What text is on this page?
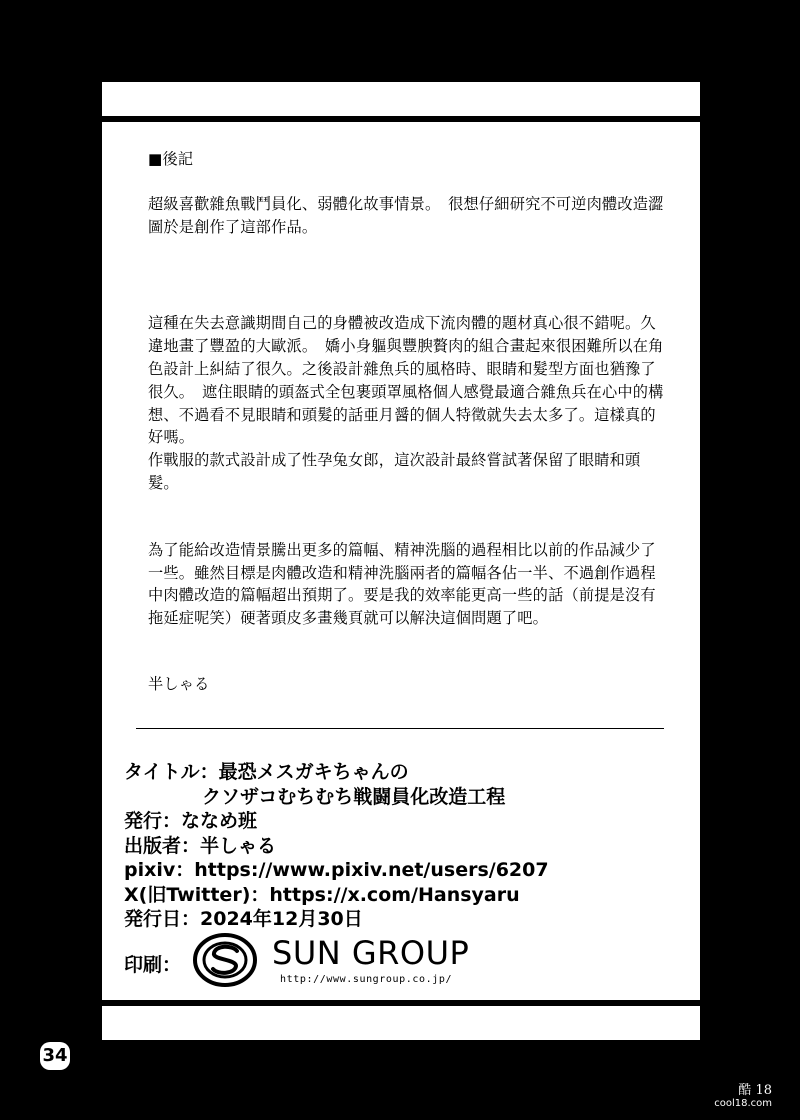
■後記

超級喜歡雜魚戰鬥員化、弱體化故事情景。　很想仔細研究不可逆肉體改造澀圖於是創作了這部作品。

這種在失去意識期間自己的身體被改造成下流肉體的題材真心很不錯呢。久違地畫了豐盈的大歐派。　嬌小身軀與豐腴贅肉的組合畫起來很困難所以在角色設計上糾結了很久。之後設計雜魚兵的風格時、眼睛和髮型方面也猶豫了很久。　遮住眼睛的頭盔式全包裹頭罩風格個人感覺最適合雜魚兵在心中的構想、不過看不見眼睛和頭髮的話亜月醤的個人特徵就失去太多了。這樣真的好嗎。
作戰服的款式設計成了性孕兔女郎，這次設計最終嘗試著保留了眼睛和頭髮。

為了能給改造情景騰出更多的篇幅、精神洗腦的過程相比以前的作品減少了一些。雖然目標是肉體改造和精神洗腦兩者的篇幅各佔一半、不過創作過程中肉體改造的篇幅超出預期了。要是我的效率能更高一些的話（前提是沒有拖延症呢笑）硬著頭皮多畫幾頁就可以解決這個問題了吧。

半しゃる

タイトル：最恐メスガキちゃんの
クソザコむちむち戦闘員化改造工程
発行：ななめ班
出版者：半しゃる
pixiv：https://www.pixiv.net/users/6207
X(旧Twitter)：https://x.com/Hansyaru
発行日：2024年12月30日
印刷：	SUN GROUP
http://www.sungroup.co.jp/
34
酷 18
cool18.com
